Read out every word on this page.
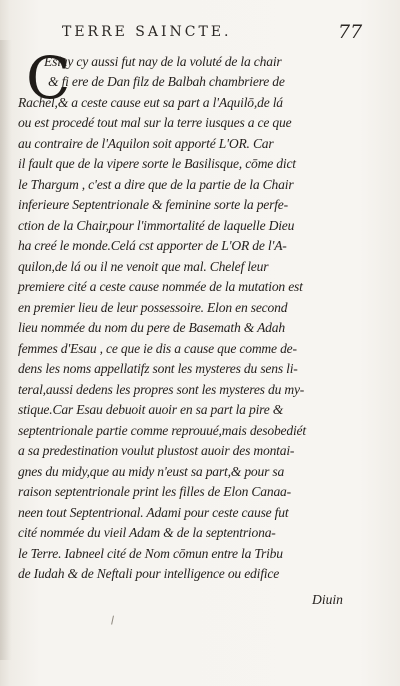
TERRE SAINCTE.	77
C
Esluy cy aussi fut nay de la voluté de la chair
& fi ere de Dan filz de Balbah chambriere de
Rachel,& a ceste cause eut sa part a l'Aquilō,de lá
ou est procedé tout mal sur la terre iusques a ce que
au contraire de l'Aquilon soit apporté L'OR. Car
il fault que de la vipere sorte le Basilisque, cōme dict
le Thargum , c'est a dire que de la partie de la Chair
inferieure Septentrionale & feminine sorte la perfe-
ction de la Chair,pour l'immortalité de laquelle Dieu
ha creé le monde.Celá cst apporter de L'OR de l'A-
quilon,de lá ou il ne venoit que mal. Chelef leur
premiere cité a ceste cause nommée de la mutation est
en premier lieu de leur possessoire. Elon en second
lieu nommée du nom du pere de Basemath & Adah
femmes d'Esau , ce que ie dis a cause que comme de-
dens les noms appellatifz sont les mysteres du sens li-
teral,aussi dedens les propres sont les mysteres du my-
stique.Car Esau debuoit auoir en sa part la pire &
septentrionale partie comme reprouué,mais desobediét
a sa predestination voulut plustost auoir des montai-
gnes du midy,que au midy n'eust sa part,& pour sa
raison septentrionale print les filles de Elon Canaa-
neen tout Septentrional. Adami pour ceste cause fut
cité nommée du vieil Adam & de la septentriona-
le Terre. Iabneel cité de Nom cōmun entre la Tribu
de Iudah & de Neftali pour intelligence ou edifice
Diuin
